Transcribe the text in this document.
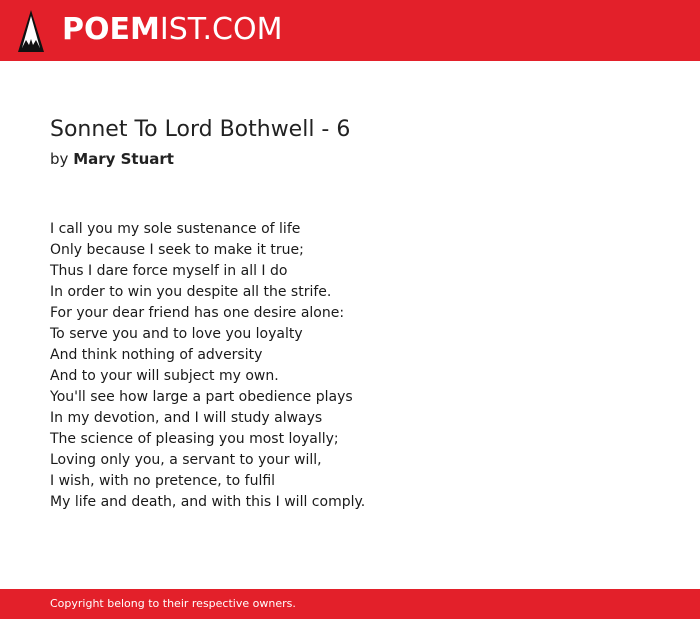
POEMIST.COM
Sonnet To Lord Bothwell - 6
by Mary Stuart
I call you my sole sustenance of life
Only because I seek to make it true;
Thus I dare force myself in all I do
In order to win you despite all the strife.
For your dear friend has one desire alone:
To serve you and to love you loyalty
And think nothing of adversity
And to your will subject my own.
You'll see how large a part obedience plays
In my devotion, and I will study always
The science of pleasing you most loyally;
Loving only you, a servant to your will,
I wish, with no pretence, to fulfil
My life and death, and with this I will comply.
Copyright belong to their respective owners.
